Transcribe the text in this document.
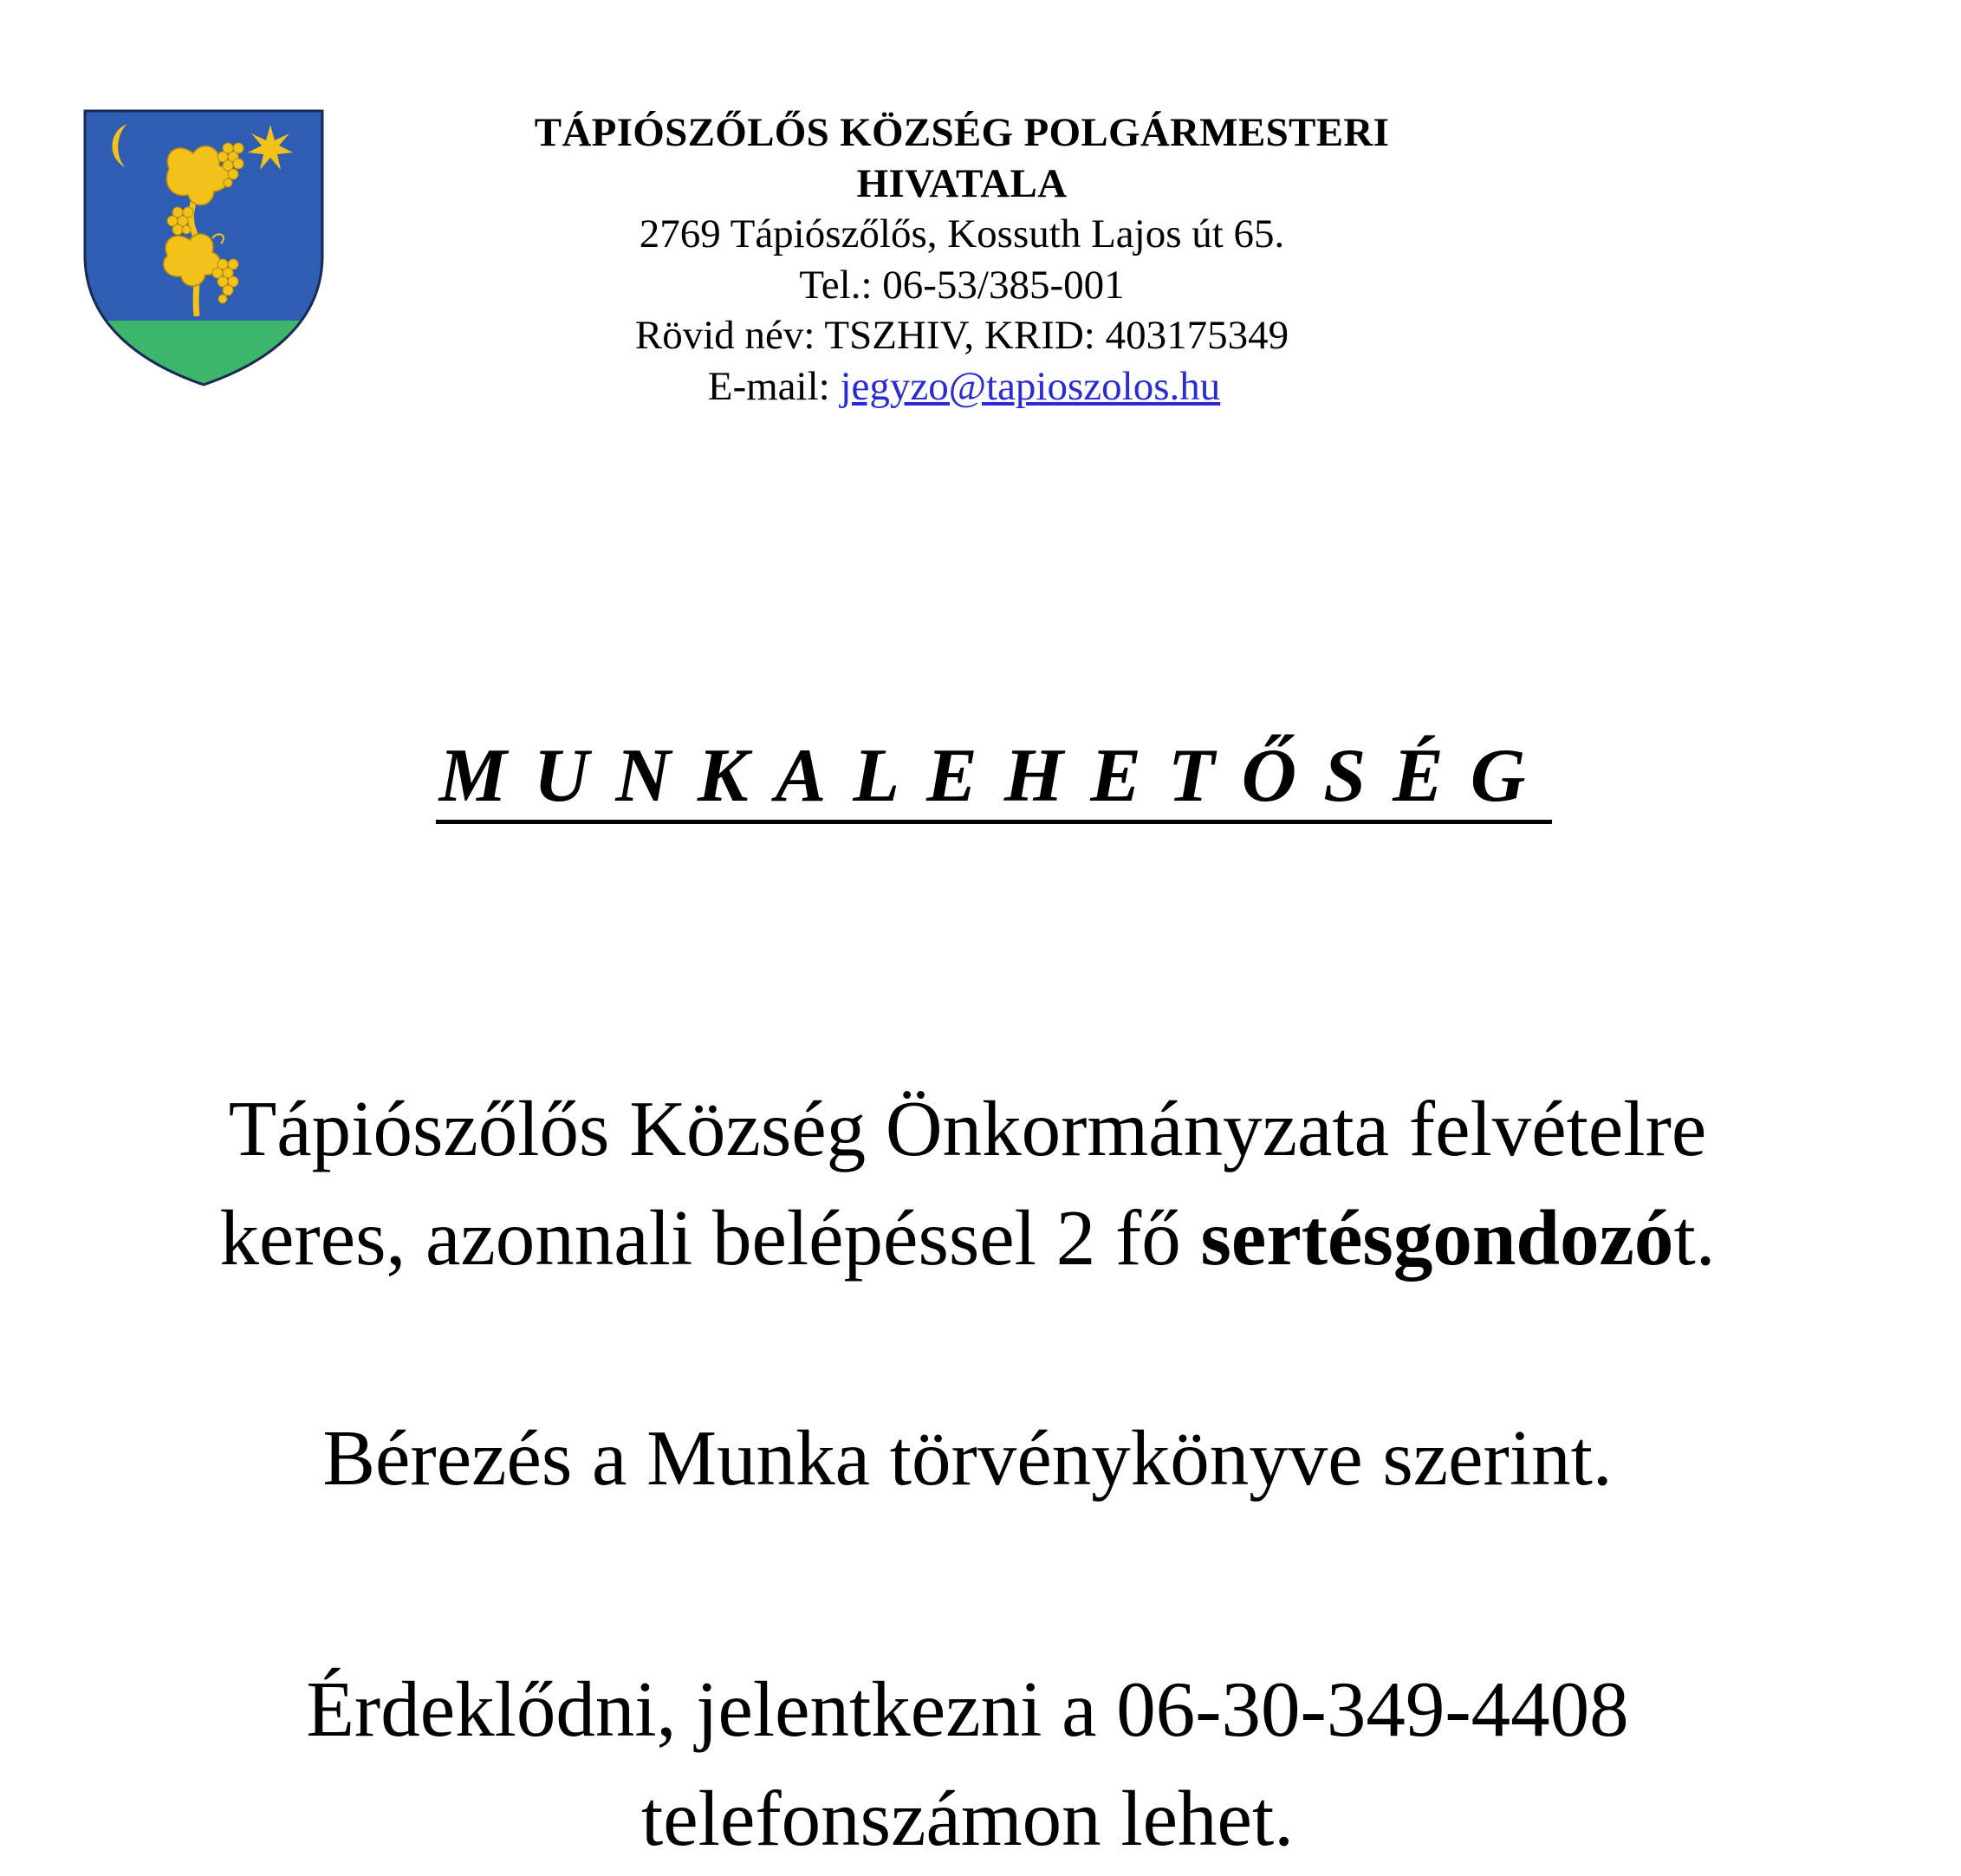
TÁPIÓSZŐLŐS KÖZSÉG POLGÁRMESTERI HIVATALA
2769 Tápiószőlős, Kossuth Lajos út 65.
Tel.: 06-53/385-001
Rövid név: TSZHIV, KRID: 403175349
E-mail: jegyzo@tapioszolos.hu
MUNKALEHETŐSÉG
Tápiószőlős Község Önkormányzata felvételre
keres, azonnali belépéssel 2 fő sertésgondozót.
Bérezés a Munka törvénykönyve szerint.
Érdeklődni, jelentkezni a 06-30-349-4408
telefonszámon lehet.
